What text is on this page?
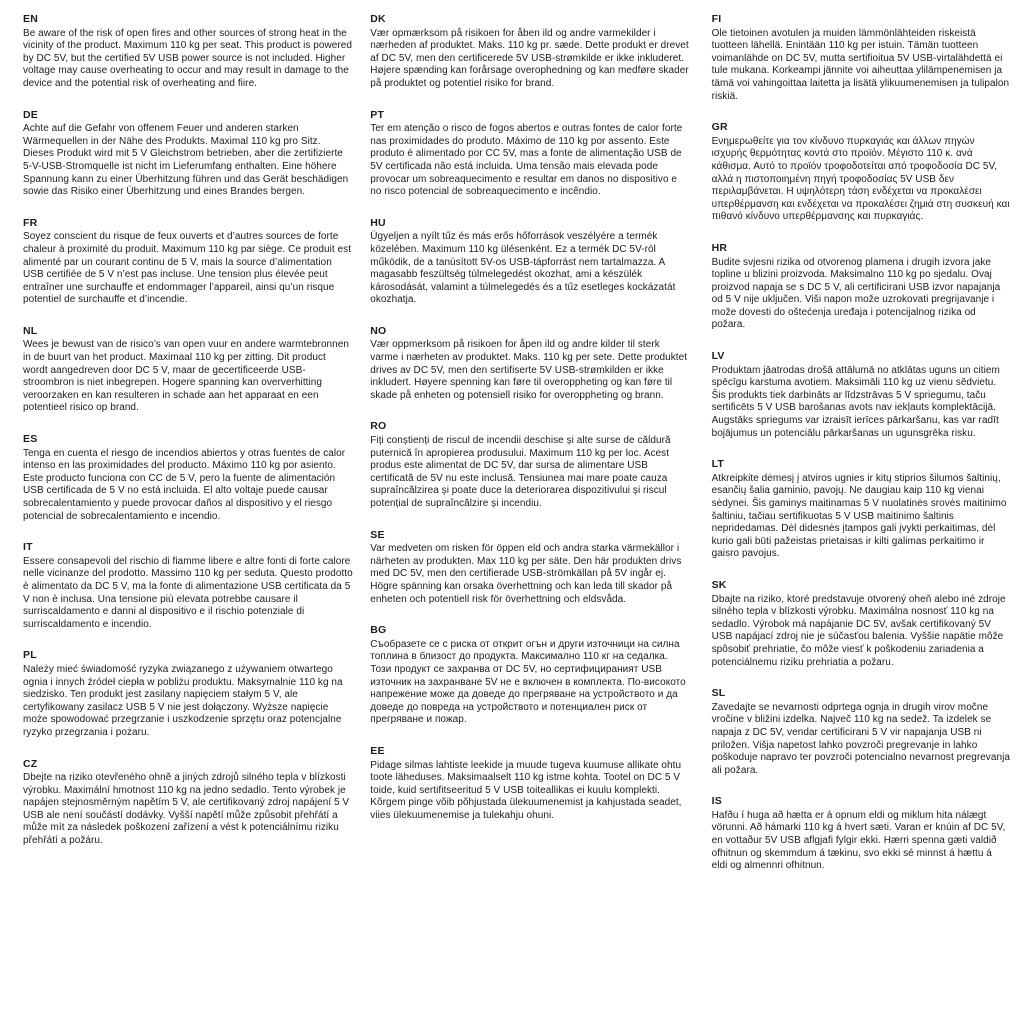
EN

Be aware of the risk of open fires and other sources of strong heat in the vicinity of the product. Maximum 110 kg per seat. This product is powered by DC 5V, but the certified 5V USB power source is not included. Higher voltage may cause overheating to occur and may result in damage to the device and the potential risk of overheating and fiire.

DE

Achte auf die Gefahr von offenem Feuer und anderen starken Wärmequellen in der Nähe des Produkts. Maximal 110 kg pro Sitz. Dieses Produkt wird mit 5 V Gleichstrom betrieben, aber die zertifizierte 5-V-USB-Stromquelle ist nicht im Lieferumfang enthalten. Eine höhere Spannung kann zu einer Überhitzung führen und das Gerät beschädigen sowie das Risiko einer Überhitzung und eines Brandes bergen.

FR

Soyez conscient du risque de feux ouverts et d’autres sources de forte chaleur à proximité du produit. Maximum 110 kg par siège. Ce produit est alimenté par un courant continu de 5 V, mais la source d’alimentation USB certifiée de 5 V n’est pas incluse. Une tension plus élevée peut entraîner une surchauffe et endommager l’appareil, ainsi qu’un risque potentiel de surchauffe et d’incendie.

NL

Wees je bewust van de risico’s van open vuur en andere warmtebronnen in de buurt van het product. Maximaal 110 kg per zitting. Dit product wordt aangedreven door DC 5 V, maar de gecertificeerde USB-stroombron is niet inbegrepen. Hogere spanning kan oververhitting veroorzaken en kan resulteren in schade aan het apparaat en een potentieel risico op brand.

ES

Tenga en cuenta el riesgo de incendios abiertos y otras fuentes de calor intenso en las proximidades del producto. Máximo 110 kg por asiento. Este producto funciona con CC de 5 V, pero la fuente de alimentación USB certificada de 5 V no está incluida. El alto voltaje puede causar sobrecalentamiento y puede provocar daños al dispositivo y el riesgo potencial de sobrecalentamiento e incendio.

IT

Essere consapevoli del rischio di fiamme libere e altre fonti di forte calore nelle vicinanze del prodotto. Massimo 110 kg per seduta. Questo prodotto è alimentato da DC 5 V, ma la fonte di alimentazione USB certificata da 5 V non è inclusa. Una tensione più elevata potrebbe causare il surriscaldamento e danni al dispositivo e il rischio potenziale di surriscaldamento e incendio.

PL

Należy mieć świadomość ryzyka związanego z używaniem otwartego ognia i innych źródeł ciepła w pobliżu produktu. Maksymalnie 110 kg na siedzisko. Ten produkt jest zasilany napięciem stałym 5 V, ale certyfikowany zasilacz USB 5 V nie jest dołączony. Wyższe napięcie może spowodować przegrzanie i uszkodzenie sprzętu oraz potencjalne ryzyko przegrzania i pożaru.

CZ

Dbejte na riziko otevřeného ohně a jiných zdrojů silného tepla v blízkosti výrobku. Maximální hmotnost 110 kg na jedno sedadlo. Tento výrobek je napájen stejnosměrným napětím 5 V, ale certifikovaný zdroj napájení 5 V USB ale není součástí dodávky. Vyšší napětí může způsobit přehřátí a může mít za následek poškození zařízení a vést k potenciálnímu riziku přehřátí a požáru.

DK

Vær opmærksom på risikoen for åben ild og andre varmekilder i nærheden af produktet. Maks. 110 kg pr. sæde. Dette produkt er drevet af DC 5V, men den certificerede 5V USB-strømkilde er ikke inkluderet. Højere spænding kan forårsage overophedning og kan medføre skader på produktet og potentiel risiko for brand.

PT

Ter em atenção o risco de fogos abertos e outras fontes de calor forte nas proximidades do produto. Máximo de 110 kg por assento. Este produto é alimentado por CC 5V, mas a fonte de alimentação USB de 5V certificada não está incluida. Uma tensão mais elevada pode provocar um sobreaquecimento e resultar em danos no dispositivo e no risco potencial de sobreaquecimento e incêndio.

HU

Ügyeljen a nyílt tűz és más erős hőforrások veszélyére a termék közelében. Maximum 110 kg ülésenként. Ez a termék DC 5V-ról működik, de a tanúsított 5V-os USB-tápforrást nem tartalmazza. A magasabb feszültség túlmelegedést okozhat, ami a készülék károsodását, valamint a túlmelegedés és a tűz esetleges kockázatát okozhatja.

NO

Vær oppmerksom på risikoen for åpen ild og andre kilder til sterk varme i nærheten av produktet. Maks. 110 kg per sete. Dette produktet drives av DC 5V, men den sertifiserte 5V USB-strømkilden er ikke inkludert. Høyere spenning kan føre til overoppheting og kan føre til skade på enheten og potensiell risiko for overoppheting og brann.

RO

Fiți conștienți de riscul de incendii deschise și alte surse de căldură puternică în apropierea produsului. Maximum 110 kg per loc. Acest produs este alimentat de DC 5V, dar sursa de alimentare USB certificată de 5V nu este inclusă. Tensiunea mai mare poate cauza supraîncălzirea și poate duce la deteriorarea dispozitivului și riscul potențial de supraîncălzire și incendiu.

SE

Var medveten om risken för öppen eld och andra starka värmekällor i närheten av produkten. Max 110 kg per säte. Den här produkten drivs med DC 5V, men den certifierade USB-strömkällan på 5V ingår ej. Högre spänning kan orsaka överhettning och kan leda till skador på enheten och potentiell risk för överhettning och eldsvåda.

BG

Съобразете се с риска от открит огън и други източници на силна топлина в близост до продукта. Максимално 110 кг на седалка. Този продукт се захранва от DC 5V, но сертифицираният USB източник на захранване 5V не е включен в комплекта. По-високото напрежение може да доведе до прегряване на устройството и да доведе до повреда на устройството и потенциален риск от прегряване и пожар.

EE

Pidage silmas lahtiste leekide ja muude tugeva kuumuse allikate ohtu toote läheduses. Maksimaalselt 110 kg istme kohta. Tootel on DC 5 V toide, kuid sertifitseeritud 5 V USB toiteallikas ei kuulu komplekti. Kõrgem pinge võib põhjustada ülekuumenemist ja kahjustada seadet, viies ülekuumenemise ja tulekahju ohuni.

FI

Ole tietoinen avotulen ja muiden lämmönlähteiden riskeistä tuotteen lähellä. Enintään 110 kg per istuin. Tämän tuotteen voimanlähde on DC 5V, mutta sertifioitua 5V USB-virtalähdettä ei tule mukana. Korkeampi jännite voi aiheuttaa ylilämpenemisen ja tämä voi vahingoittaa laitetta ja lisätä ylikuumenemisen ja tulipalon riskiä.

GR

Ενημερωθείτε για τον κίνδυνο πυρκαγιάς και άλλων πηγών ισχυρής θερμότητας κοντά στο προϊόν. Μέγιστο 110 κ. ανά κάθισμα. Αυτό το προϊόν τροφοδοτείται από τροφοδοσία DC 5V, αλλά η πιστοποιημένη πηγή τροφοδοσίας 5V USB δεν περιλαμβάνεται. Η υψηλότερη τάση ενδέχεται να προκαλέσει υπερθέρμανση και ενδέχεται να προκαλέσει ζημιά στη συσκευή και πιθανό κίνδυνο υπερθέρμανσης και πυρκαγιάς.

HR

Budite svjesni rizika od otvorenog plamena i drugih izvora jake topline u blizini proizvoda. Maksimalno 110 kg po sjedalu. Ovaj proizvod napaja se s DC 5 V, ali certificirani USB izvor napajanja od 5 V nije uključen. Viši napon može uzrokovati pregrijavanje i može dovesti do oštećenja uređaja i potencijalnog rizika od požara.

LV

Produktam jāatrodas drošā attālumā no atklātas uguns un citiem spēcīgu karstuma avotiem. Maksimāli 110 kg uz vienu sēdvietu. Šis produkts tiek darbināts ar līdzstrāvas 5 V spriegumu, taču sertificēts 5 V USB barošanas avots nav iekļauts komplektācijā. Augstāks spriegums var izraisīt ierīces pārkaršanu, kas var radīt bojājumus un potenciālu pārkaršanas un ugunsgrēka risku.

LT

Atkreipkite dėmesį į atviros ugnies ir kitų stiprios šilumos šaltinių, esančių šalia gaminio, pavojų. Ne daugiau kaip 110 kg vienai sėdynei. Šis gaminys maitinamas 5 V nuolatinės srovės maitinimo šaltiniu, tačiau sertifikuotas 5 V USB maitinimo šaltinis nepridedamas. Dėl didesnės įtampos gali įvykti perkaitimas, dėl kurio gali būti pažeistas prietaisas ir kilti galimas perkaitimo ir gaisro pavojus.

SK

Dbajte na riziko, ktoré predstavuje otvorený oheň alebo iné zdroje silného tepla v blízkosti výrobku. Maximálna nosnosť 110 kg na sedadlo. Výrobok má napájanie DC 5V, avšak certifikovaný 5V USB napájací zdroj nie je súčasťou balenia. Vyššie napätie môže spôsobiť prehriatie, čo môže viesť k poškodeniu zariadenia a potenciálnemu riziku prehriatia a požaru.

SL

Zavedajte se nevarnosti odprtega ognja in drugih virov močne vročine v bližini izdelka. Največ 110 kg na sedež. Ta izdelek se napaja z DC 5V, vendar certificirani 5 V vir napajanja USB ni priložen. Višja napetost lahko povzroči pregrevanje in lahko poškoduje napravo ter povzroči potencialno nevarnost pregrevanja ali požara.

IS

Hafðu í huga að hætta er á opnum eldi og miklum hita nálægt vörunni. Að hámarki 110 kg á hvert sæti. Varan er knúin af DC 5V, en vottaður 5V USB aflgjafi fylgir ekki. Hærri spenna gæti valdið ofhitnun og skemmdum á tækinu, svo ekki sé minnst á hættu á eldi og almennri ofhitnun.
